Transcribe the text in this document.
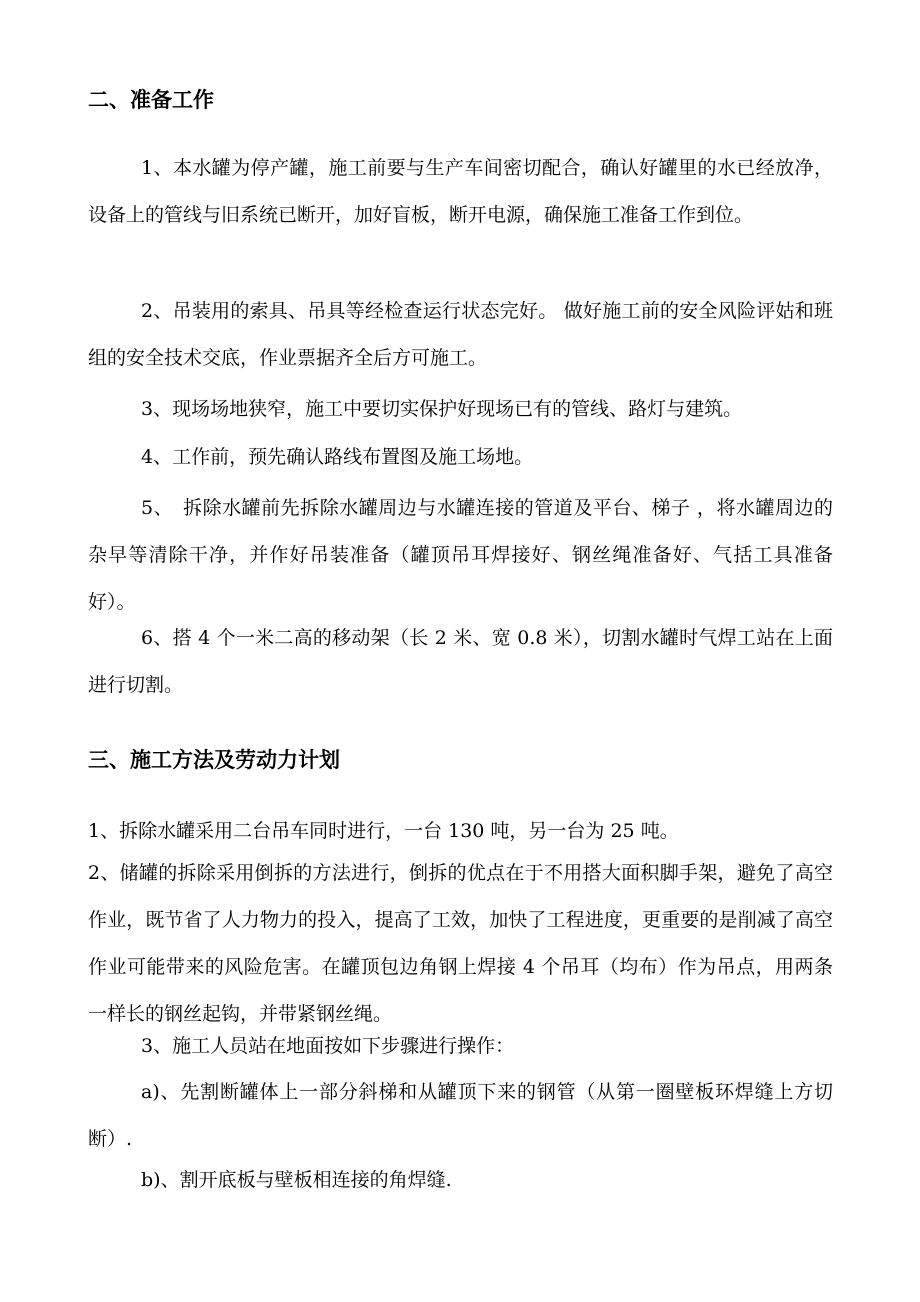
二、准备工作
1、本水罐为停产罐，施工前要与生产车间密切配合，确认好罐里的水已经放净，设备上的管线与旧系统已断开，加好盲板，断开电源，确保施工准备工作到位。
2、吊装用的索具、吊具等经检查运行状态完好。 做好施工前的安全风险评姑和班组的安全技术交底，作业票据齐全后方可施工。
3、现场场地狭窄，施工中要切实保护好现场已有的管线、路灯与建筑。
4、工作前，预先确认路线布置图及施工场地。
5、　拆除水罐前先拆除水罐周边与水罐连接的管道及平台、梯子 ，将水罐周边的杂早等清除干净，并作好吊装准备（罐顶吊耳焊接好、钢丝绳准备好、气括工具准备好）。
6、搭 4 个一米二高的移动架（长 2 米、宽 0.8 米），切割水罐时气焊工站在上面进行切割。
三、施工方法及劳动力计划
1、拆除水罐采用二台吊车同时进行，一台 130 吨，另一台为 25 吨。
2、储罐的拆除采用倒拆的方法进行，倒拆的优点在于不用搭大面积脚手架，避免了高空作业，既节省了人力物力的投入，提高了工效，加快了工程进度，更重要的是削减了高空作业可能带来的风险危害。在罐顶包边角钢上焊接 4 个吊耳（均布）作为吊点，用两条一样长的钢丝起钩，并带紧钢丝绳。
3、施工人员站在地面按如下步骤进行操作：
a)、先割断罐体上一部分斜梯和从罐顶下来的钢管（从第一圈壁板环焊缝上方切断）.
b)、割开底板与壁板相连接的角焊缝.
